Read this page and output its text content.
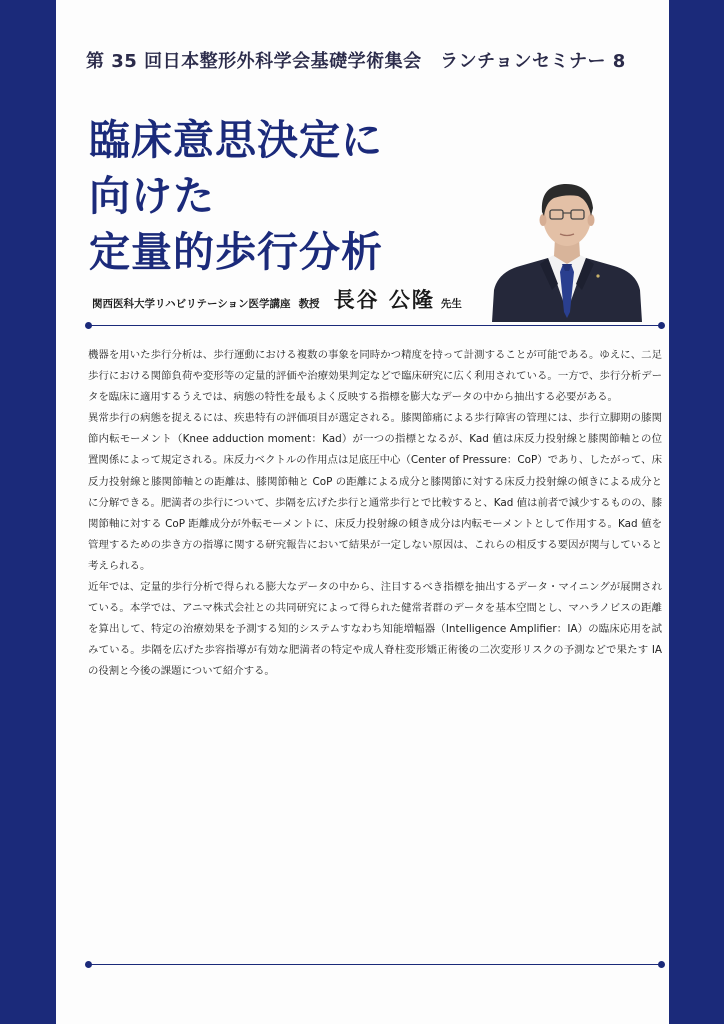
第 35 回日本整形外科学会基礎学術集会　ランチョンセミナー 8
臨床意思決定に
向けた
定量的歩行分析
関西医科大学リハビリテーション医学講座 教授 長谷 公隆 先生

機器を用いた歩行分析は、歩行運動における複数の事象を同時かつ精度を持って計測することが可能である。ゆえに、二足歩行における関節負荷や変形等の定量的評価や治療効果判定などで臨床研究に広く利用されている。一方で、歩行分析データを臨床に適用するうえでは、病態の特性を最もよく反映する指標を膨大なデータの中から抽出する必要がある。

異常歩行の病態を捉えるには、疾患特有の評価項目が選定される。膝関節痛による歩行障害の管理には、歩行立脚期の膝関節内転モーメント（Knee adduction moment：Kad）が一つの指標となるが、Kad 値は床反力投射線と膝関節軸との位置関係によって規定される。床反力ベクトルの作用点は足底圧中心（Center of Pressure：CoP）であり、したがって、床反力投射線と膝関節軸との距離は、膝関節軸と CoP の距離による成分と膝関節に対する床反力投射線の傾きによる成分とに分解できる。肥満者の歩行について、歩隔を広げた歩行と通常歩行とで比較すると、Kad 値は前者で減少するものの、膝関節軸に対する CoP 距離成分が外転モーメントに、床反力投射線の傾き成分は内転モーメントとして作用する。Kad 値を管理するための歩き方の指導に関する研究報告において結果が一定しない原因は、これらの相反する要因が関与していると考えられる。

近年では、定量的歩行分析で得られる膨大なデータの中から、注目するべき指標を抽出するデータ・マイニングが展開されている。本学では、アニマ株式会社との共同研究によって得られた健常者群のデータを基本空間とし、マハラノビスの距離を算出して、特定の治療効果を予測する知的システムすなわち知能増幅器（Intelligence Amplifier：IA）の臨床応用を試みている。歩隔を広げた歩容指導が有効な肥満者の特定や成人脊柱変形矯正術後の二次変形リスクの予測などで果たす IA の役割と今後の課題について紹介する。
